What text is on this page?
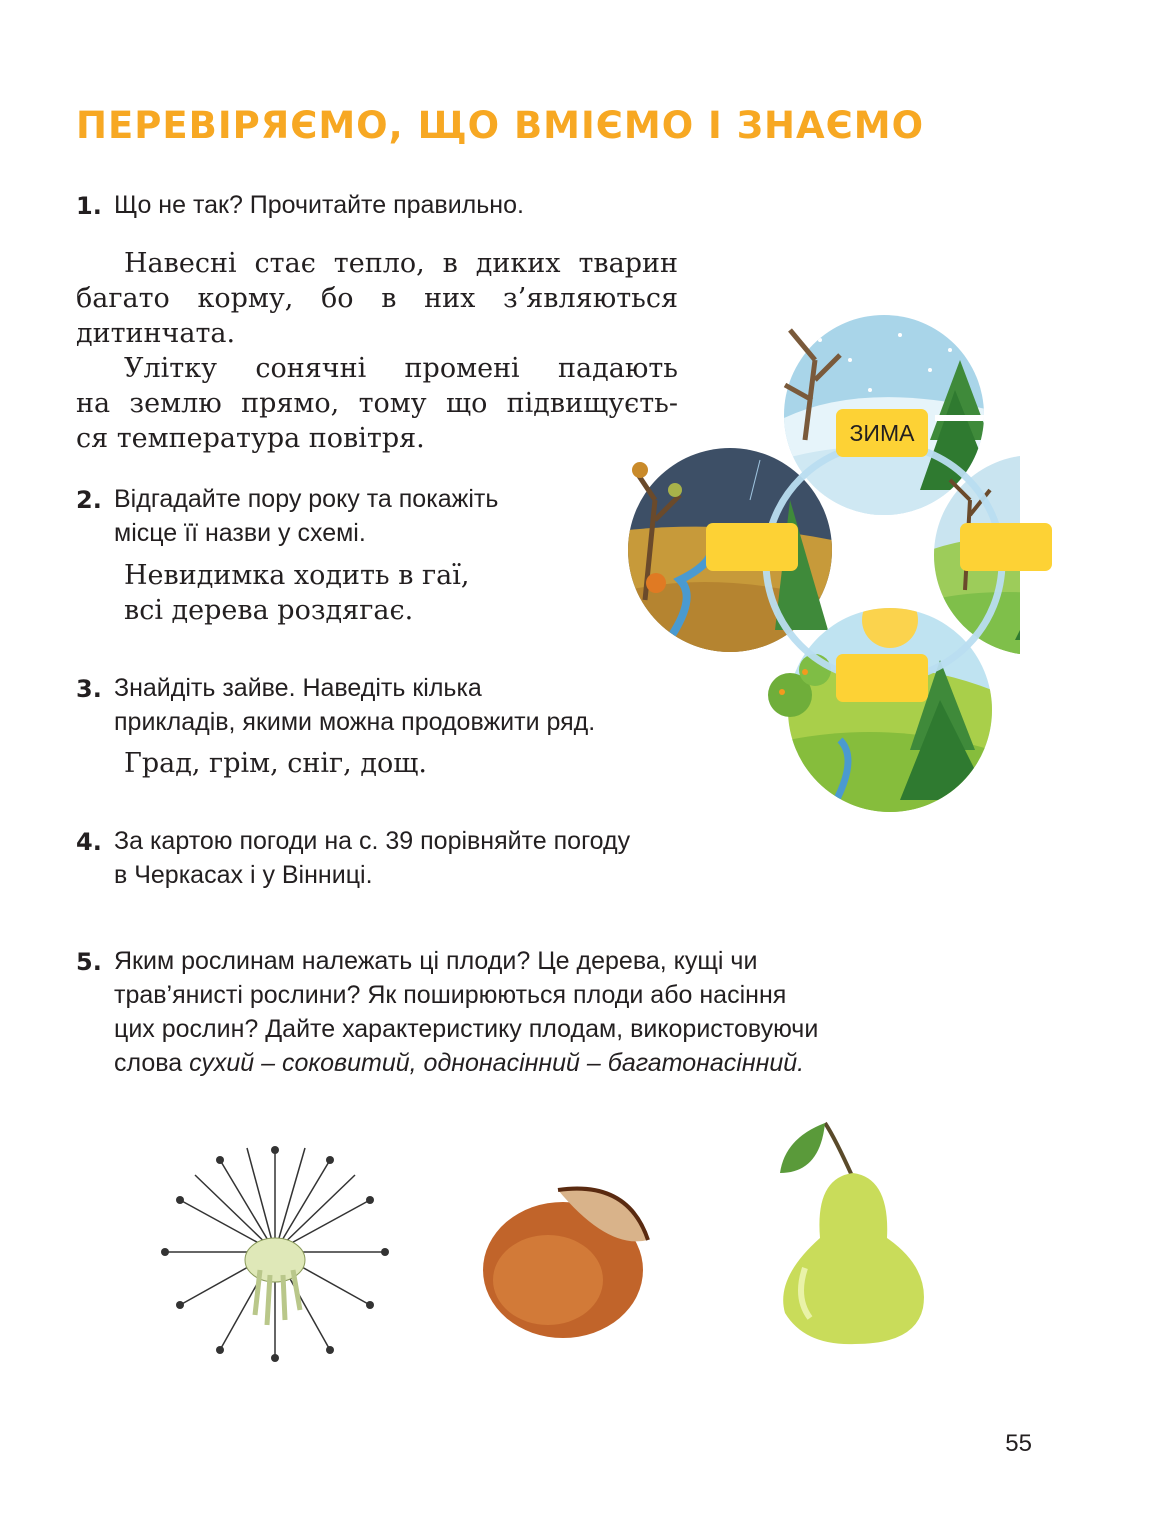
ПЕРЕВІРЯЄМО, ЩО ВМІЄМО І ЗНАЄМО
1. Що не так? Прочитайте правильно.
Навесні стає тепло, в диких тварин
багато корму, бо в них з’являються
дитинчата.
Улітку сонячні промені падають
на землю прямо, тому що підвищуєть-
ся температура повітря.
2. Відгадайте пору року та покажіть
місце її назви у схемі.
Невидимка ходить в гаї,
всі дерева роздягає.
3. Знайдіть зайве. Наведіть кілька
прикладів, якими можна продовжити ряд.
Град, грім, сніг, дощ.
4. За картою погоди на с. 39 порівняйте погоду
в Черкасах і у Вінниці.
5. Яким рослинам належать ці плоди? Це дерева, кущі чи
трав’янисті рослини? Як поширюються плоди або насіння
цих рослин? Дайте характеристику плодам, використовуючи
слова сухий – соковитий, однонасінний – багатонасінний.
ЗИМА
55
